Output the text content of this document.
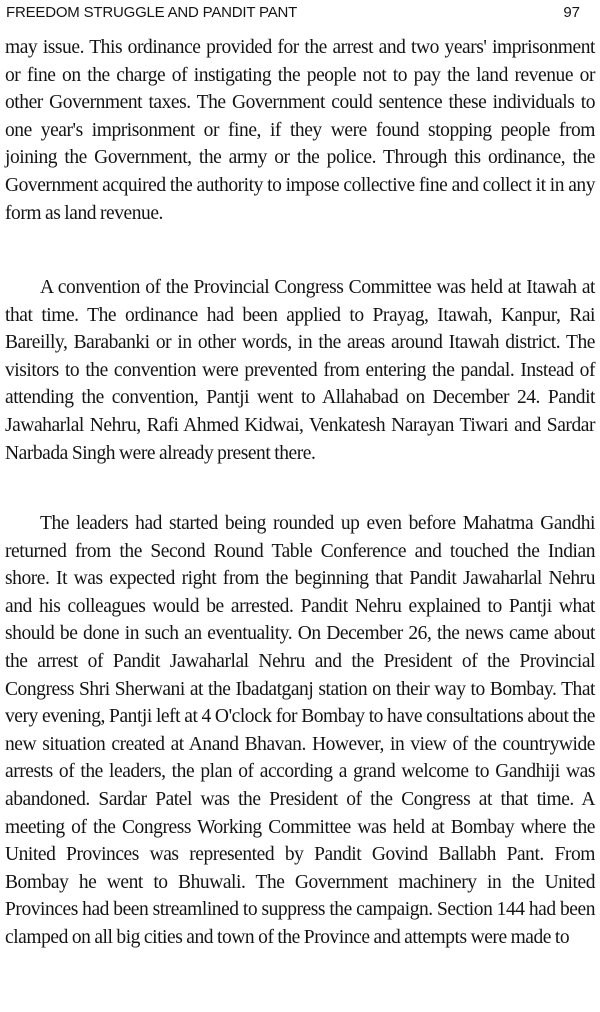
FREEDOM STRUGGLE AND PANDIT PANT	97

may issue. This ordinance provided for the arrest and two years' imprisonment or fine on the charge of instigating the people not to pay the land revenue or other Government taxes. The Government could sentence these individuals to one year's imprisonment or fine, if they were found stopping people from joining the Government, the army or the police. Through this ordinance, the Government acquired the authority to impose collective fine and collect it in any form as land revenue.

A convention of the Provincial Congress Committee was held at Itawah at that time. The ordinance had been applied to Prayag, Itawah, Kanpur, Rai Bareilly, Barabanki or in other words, in the areas around Itawah district. The visitors to the convention were prevented from entering the pandal. Instead of attending the convention, Pantji went to Allahabad on December 24. Pandit Jawaharlal Nehru, Rafi Ahmed Kidwai, Venkatesh Narayan Tiwari and Sardar Narbada Singh were already present there.

The leaders had started being rounded up even before Mahatma Gandhi returned from the Second Round Table Conference and touched the Indian shore. It was expected right from the beginning that Pandit Jawaharlal Nehru and his colleagues would be arrested. Pandit Nehru explained to Pantji what should be done in such an eventuality. On December 26, the news came about the arrest of Pandit Jawaharlal Nehru and the President of the Provincial Congress Shri Sherwani at the Ibadatganj station on their way to Bombay. That very evening, Pantji left at 4 O'clock for Bombay to have consultations about the new situation created at Anand Bhavan. However, in view of the countrywide arrests of the leaders, the plan of according a grand welcome to Gandhiji was abandoned. Sardar Patel was the President of the Congress at that time. A meeting of the Congress Working Committee was held at Bombay where the United Provinces was represented by Pandit Govind Ballabh Pant. From Bombay he went to Bhuwali. The Government machinery in the United Provinces had been streamlined to suppress the campaign. Section 144 had been clamped on all big cities and town of the Province and attempts were made to
